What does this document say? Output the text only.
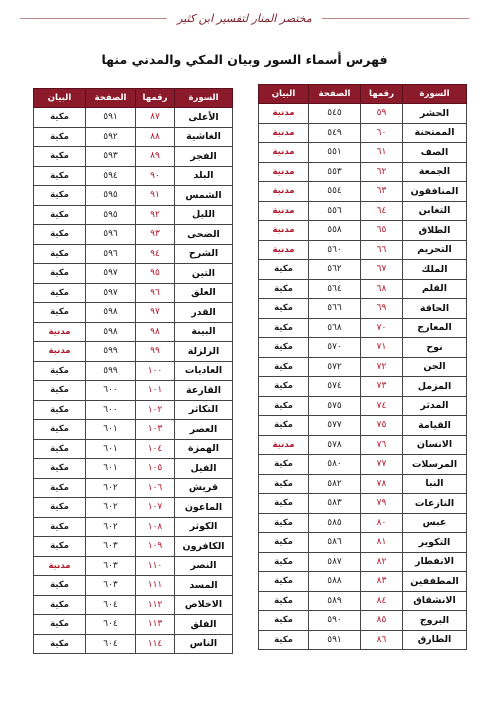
مختصر المنار لتفسير ابن كثير
فهرس أسماء السور وبيان المكي والمدني منها
السورة	رقمها	الصفحة	البيان
الحشر	٥٩	٥٤٥	مدنية
الممتحنة	٦٠	٥٤٩	مدنية
الصف	٦١	٥٥١	مدنية
الجمعة	٦٢	٥٥٣	مدنية
المنافقون	٦٣	٥٥٤	مدنية
التغابن	٦٤	٥٥٦	مدنية
الطلاق	٦٥	٥٥٨	مدنية
التحريم	٦٦	٥٦٠	مدنية
الملك	٦٧	٥٦٢	مكية
القلم	٦٨	٥٦٤	مكية
الحاقة	٦٩	٥٦٦	مكية
المعارج	٧٠	٥٦٨	مكية
نوح	٧١	٥٧٠	مكية
الجن	٧٢	٥٧٢	مكية
المزمل	٧٣	٥٧٤	مكية
المدثر	٧٤	٥٧٥	مكية
القيامة	٧٥	٥٧٧	مكية
الانسان	٧٦	٥٧٨	مدنية
المرسلات	٧٧	٥٨٠	مكية
النبا	٧٨	٥٨٢	مكية
النازعات	٧٩	٥٨٣	مكية
عبس	٨٠	٥٨٥	مكية
التكوير	٨١	٥٨٦	مكية
الانفطار	٨٢	٥٨٧	مكية
المطففين	٨٣	٥٨٨	مكية
الانشقاق	٨٤	٥٨٩	مكية
البروج	٨٥	٥٩٠	مكية
الطارق	٨٦	٥٩١	مكية
السورة	رقمها	الصفحة	البيان
الأعلى	٨٧	٥٩١	مكية
الغاشية	٨٨	٥٩٢	مكية
الفجر	٨٩	٥٩٣	مكية
البلد	٩٠	٥٩٤	مكية
الشمس	٩١	٥٩٥	مكية
الليل	٩٢	٥٩٥	مكية
الضحى	٩٣	٥٩٦	مكية
الشرح	٩٤	٥٩٦	مكية
التين	٩٥	٥٩٧	مكية
العلق	٩٦	٥٩٧	مكية
القدر	٩٧	٥٩٨	مكية
البينة	٩٨	٥٩٨	مدنية
الزلزلة	٩٩	٥٩٩	مدنية
العاديات	١٠٠	٥٩٩	مكية
القارعة	١٠١	٦٠٠	مكية
التكاثر	١٠٢	٦٠٠	مكية
العصر	١٠٣	٦٠١	مكية
الهمزة	١٠٤	٦٠١	مكية
الفيل	١٠٥	٦٠١	مكية
قريش	١٠٦	٦٠٢	مكية
الماعون	١٠٧	٦٠٢	مكية
الكوثر	١٠٨	٦٠٢	مكية
الكافرون	١٠٩	٦٠٣	مكية
النصر	١١٠	٦٠٣	مدنية
المسد	١١١	٦٠٣	مكية
الاخلاص	١١٢	٦٠٤	مكية
الفلق	١١٣	٦٠٤	مكية
الناس	١١٤	٦٠٤	مكية
